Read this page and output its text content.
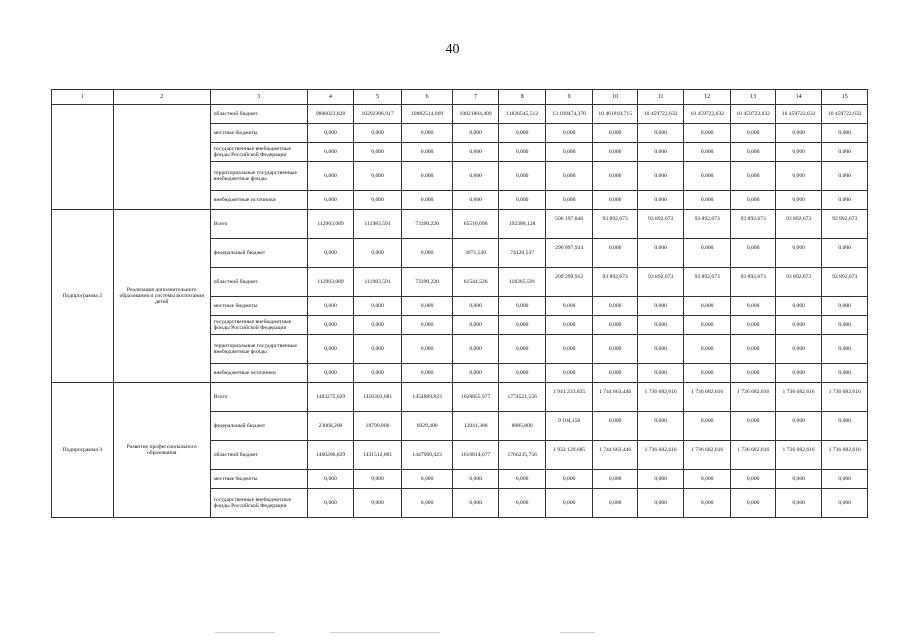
40
1	2	3	4	5	6	7	8	9	10	11	12	13	14	15
		областной бюджет	9806023,828	10292306,917	10882514,669	10821804,409	11826545,512	13 109474,370	10 461810,715	10 459722,632	10 459722,632	10 459722,632	10 459722,632	10 459722,632
		местные бюджеты	0,000	0,000	0,000	0,000	0,000	0,000	0,000	0,000	0,000	0,000	0,000	0,000
		государственные внебюджетные фонды Российской Федерации	0,000	0,000	0,000	0,000	0,000	0,000	0,000	0,000	0,000	0,000	0,000	0,000
		территориальные государственные внебюджетные фонды	0,000	0,000	0,000	0,000	0,000	0,000	0,000	0,000	0,000	0,000	0,000	0,000
		внебюджетные источники	0,000	0,000	0,000	0,000	0,000	0,000	0,000	0,000	0,000	0,000	0,000	0,000
Подпрограмма 2	Реализация дополнительного образования и системы воспитания детей	Всего	112903,089	111983,591	73390,220	65516,096	192388,128	506 197,846	93 892,673	93 892,673	93 892,673	93 892,673	93 892,673	93 892,673
		федеральный бюджет	0,000	0,000	0,000	3971,530	74120,537	296 897,934	0,000	0,000	0,000	0,000	0,000	0,000
		областной бюджет	112903,089	111983,591	73390,220	61544,526	118265,591	209 299,912	93 892,673	93 892,673	93 892,673	93 892,673	93 892,673	93 892,673
		местные бюджеты	0,000	0,000	0,000	0,000	0,000	0,000	0,000	0,000	0,000	0,000	0,000	0,000
		государственные внебюджетные фонды Российской Федерации	0,000	0,000	0,000	0,000	0,000	0,000	0,000	0,000	0,000	0,000	0,000	0,000
		территориальные государственные внебюджетные фонды	0,000	0,000	0,000	0,000	0,000	0,000	0,000	0,000	0,000	0,000	0,000	0,000
		внебюджетные источники	0,000	0,000	0,000	0,000	0,000	0,000	0,000	0,000	0,000	0,000	0,000	0,000
Подпрограмма 3	Развитие профессионального образования	Всего	1483275,029	1450303,681	1454889,823	1628855,977	1774521,556	1 941 233,835	1 744 663,446	1 736 682,616	1 736 682,616	1 736 682,616	1 736 682,616	1 736 682,616
		федеральный бюджет	23068,200	18790,800	6929,400	12041,300	8085,800	9 104,150	0,000	0,000	0,000	0,000	0,000	0,000
		областной бюджет	1460206,829	1431512,881	1447960,423	1616814,677	1766235,756	1 932 129,685	1 744 663,446	1 736 682,616	1 736 682,616	1 736 682,616	1 736 682,616	1 736 682,616
		местные бюджеты	0,000	0,000	0,000	0,000	0,000	0,000	0,000	0,000	0,000	0,000	0,000	0,000
		государственные внебюджетные фонды Российской Федерации	0,000	0,000	0,000	0,000	0,000	0,000	0,000	0,000	0,000	0,000	0,000	0,000
